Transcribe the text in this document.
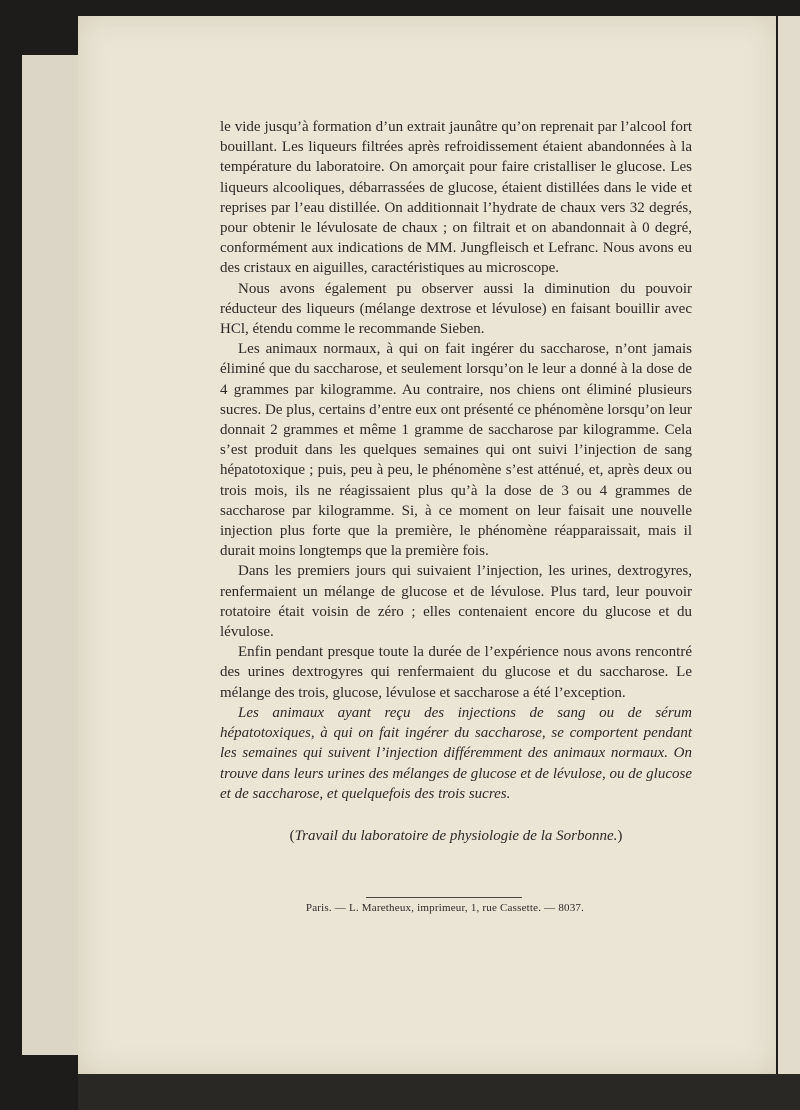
le vide jusqu’à formation d’un extrait jaunâtre qu’on reprenait par l’alcool fort bouillant. Les liqueurs filtrées après refroidissement étaient abandonnées à la température du laboratoire. On amorçait pour faire cristalliser le glucose. Les liqueurs alcooliques, débarrassées de glucose, étaient distillées dans le vide et reprises par l’eau distillée. On additionnait l’hydrate de chaux vers 32 degrés, pour obtenir le lévulosate de chaux ; on filtrait et on abandonnait à 0 degré, conformément aux indications de MM. Jungfleisch et Lefranc. Nous avons eu des cristaux en aiguilles, caractéristiques au microscope.

Nous avons également pu observer aussi la diminution du pouvoir réducteur des liqueurs (mélange dextrose et lévulose) en faisant bouillir avec HCl, étendu comme le recommande Sieben.

Les animaux normaux, à qui on fait ingérer du saccharose, n’ont jamais éliminé que du saccharose, et seulement lorsqu’on le leur a donné à la dose de 4 grammes par kilogramme. Au contraire, nos chiens ont éliminé plusieurs sucres. De plus, certains d’entre eux ont présenté ce phénomène lorsqu’on leur donnait 2 grammes et même 1 gramme de saccharose par kilogramme. Cela s’est produit dans les quelques semaines qui ont suivi l’injection de sang hépatotoxique ; puis, peu à peu, le phénomène s’est atténué, et, après deux ou trois mois, ils ne réagissaient plus qu’à la dose de 3 ou 4 grammes de saccharose par kilogramme. Si, à ce moment on leur faisait une nouvelle injection plus forte que la première, le phénomène réapparaissait, mais il durait moins longtemps que la première fois.

Dans les premiers jours qui suivaient l’injection, les urines, dextrogyres, renfermaient un mélange de glucose et de lévulose. Plus tard, leur pouvoir rotatoire était voisin de zéro ; elles contenaient encore du glucose et du lévulose.

Enfin pendant presque toute la durée de l’expérience nous avons rencontré des urines dextrogyres qui renfermaient du glucose et du saccharose. Le mélange des trois, glucose, lévulose et saccharose a été l’exception.

Les animaux ayant reçu des injections de sang ou de sérum hépatotoxiques, à qui on fait ingérer du saccharose, se comportent pendant les semaines qui suivent l’injection différemment des animaux normaux. On trouve dans leurs urines des mélanges de glucose et de lévulose, ou de glucose et de saccharose, et quelquefois des trois sucres.

(Travail du laboratoire de physiologie de la Sorbonne.)
Paris. — L. Maretheux, imprimeur, 1, rue Cassette. — 8037.
